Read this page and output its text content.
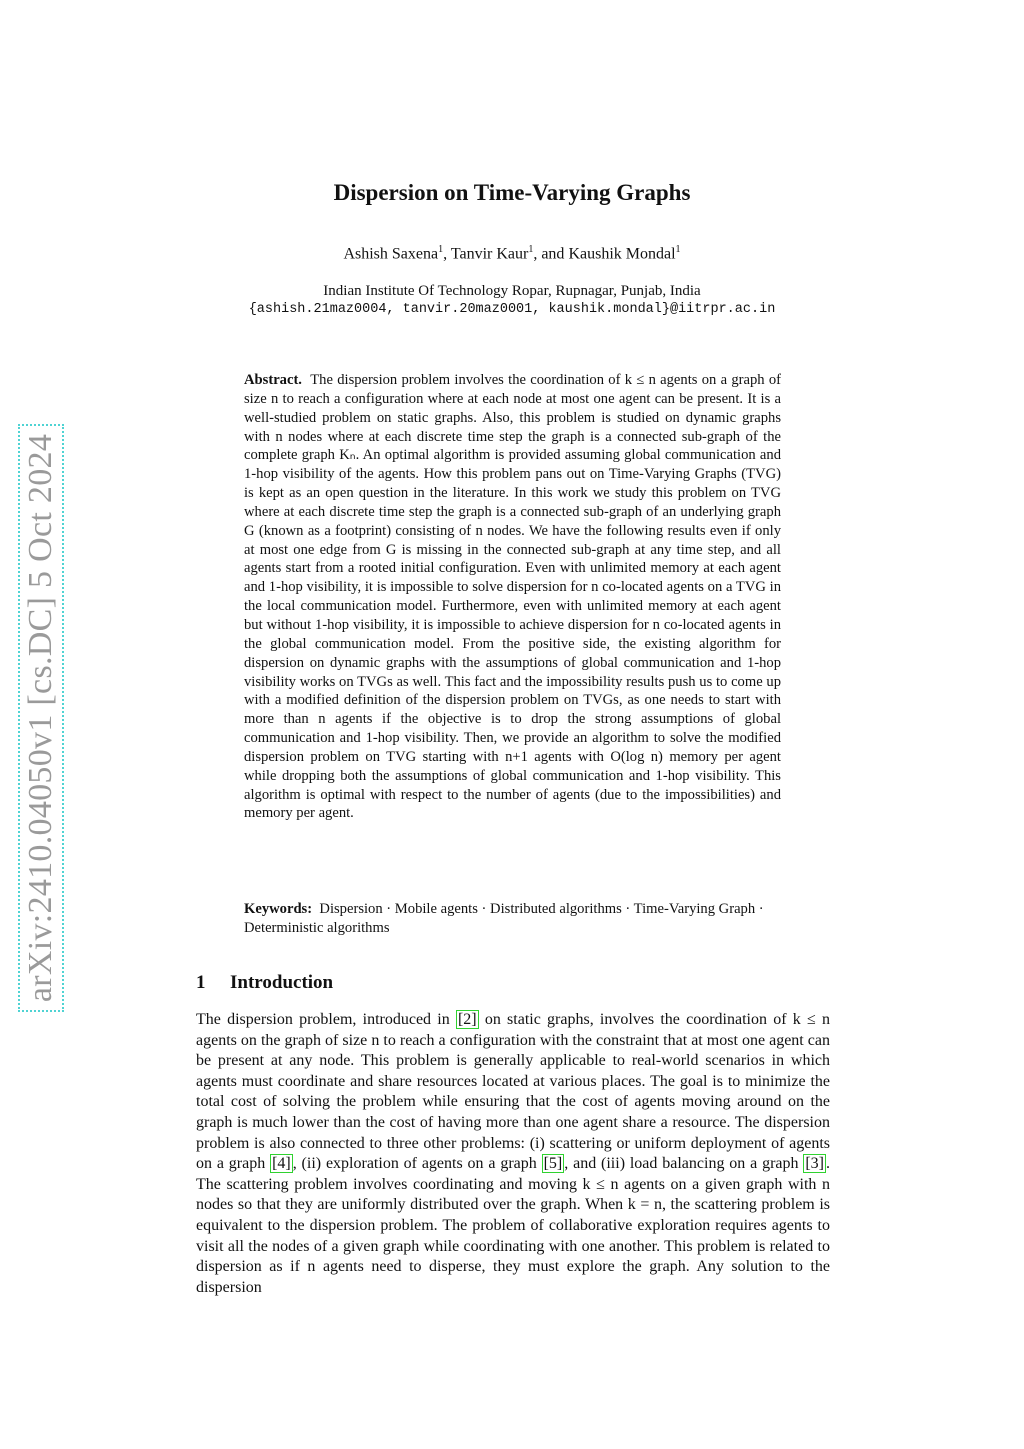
Dispersion on Time-Varying Graphs
Ashish Saxena$^1$, Tanvir Kaur$^1$, and Kaushik Mondal$^1$
Indian Institute Of Technology Ropar, Rupnagar, Punjab, India
{ashish.21maz0004, tanvir.20maz0001, kaushik.mondal}@iitrpr.ac.in
Abstract. The dispersion problem involves the coordination of k ≤ n agents on a graph of size n to reach a configuration where at each node at most one agent can be present. It is a well-studied problem on static graphs. Also, this problem is studied on dynamic graphs with n nodes where at each discrete time step the graph is a connected sub-graph of the complete graph Kₙ. An optimal algorithm is provided assuming global communication and 1-hop visibility of the agents. How this problem pans out on Time-Varying Graphs (TVG) is kept as an open question in the literature. In this work we study this problem on TVG where at each discrete time step the graph is a connected sub-graph of an underlying graph G (known as a footprint) consisting of n nodes. We have the following results even if only at most one edge from G is missing in the connected sub-graph at any time step, and all agents start from a rooted initial configuration. Even with unlimited memory at each agent and 1-hop visibility, it is impossible to solve dispersion for n co-located agents on a TVG in the local communication model. Furthermore, even with unlimited memory at each agent but without 1-hop visibility, it is impossible to achieve dispersion for n co-located agents in the global communication model. From the positive side, the existing algorithm for dispersion on dynamic graphs with the assumptions of global communication and 1-hop visibility works on TVGs as well. This fact and the impossibility results push us to come up with a modified definition of the dispersion problem on TVGs, as one needs to start with more than n agents if the objective is to drop the strong assumptions of global communication and 1-hop visibility. Then, we provide an algorithm to solve the modified dispersion problem on TVG starting with n+1 agents with O(log n) memory per agent while dropping both the assumptions of global communication and 1-hop visibility. This algorithm is optimal with respect to the number of agents (due to the impossibilities) and memory per agent.
Keywords: Dispersion · Mobile agents · Distributed algorithms · Time-Varying Graph · Deterministic algorithms
1 Introduction
The dispersion problem, introduced in [2] on static graphs, involves the coordination of k ≤ n agents on the graph of size n to reach a configuration with the constraint that at most one agent can be present at any node. This problem is generally applicable to real-world scenarios in which agents must coordinate and share resources located at various places. The goal is to minimize the total cost of solving the problem while ensuring that the cost of agents moving around on the graph is much lower than the cost of having more than one agent share a resource. The dispersion problem is also connected to three other problems: (i) scattering or uniform deployment of agents on a graph [4] , (ii) exploration of agents on a graph [5] , and (iii) load balancing on a graph [3] . The scattering problem involves coordinating and moving k ≤ n agents on a given graph with n nodes so that they are uniformly distributed over the graph. When k = n, the scattering problem is equivalent to the dispersion problem. The problem of collaborative exploration requires agents to visit all the nodes of a given graph while coordinating with one another. This problem is related to dispersion as if n agents need to disperse, they must explore the graph. Any solution to the dispersion
arXiv:2410.04050v1 [cs.DC] 5 Oct 2024
